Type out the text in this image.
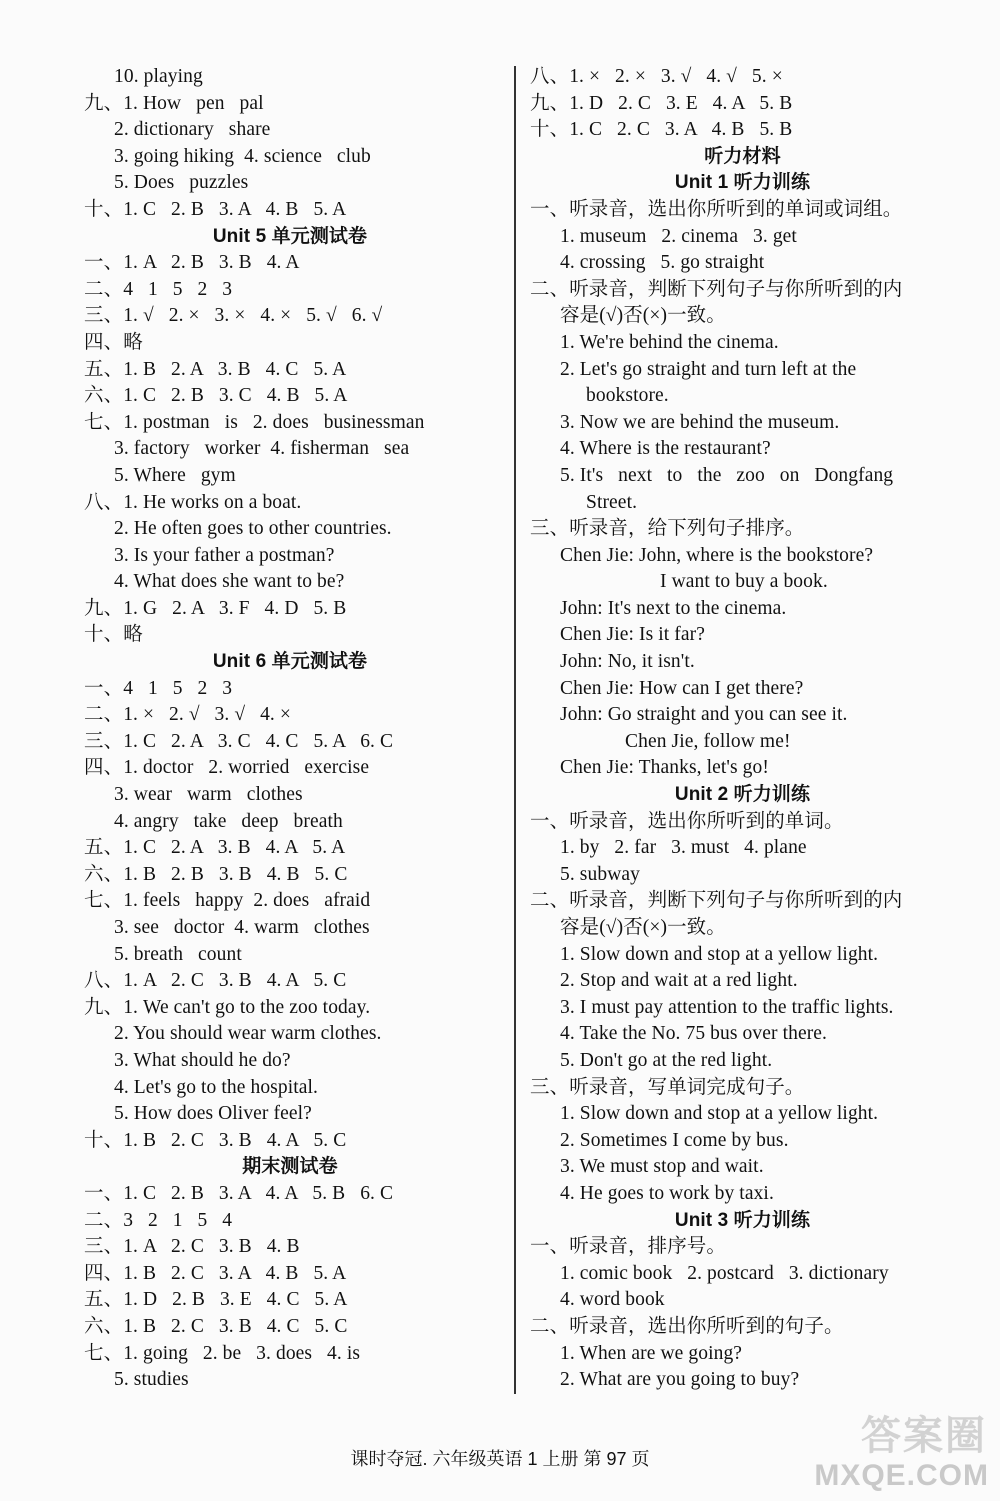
10. playing
九、1. How   pen   pal
2. dictionary   share
3. going hiking  4. science   club
5. Does   puzzles
十、1. C   2. B   3. A   4. B   5. A
Unit 5 单元测试卷
一、1. A   2. B   3. B   4. A
二、4   1   5   2   3
三、1. √   2. ×   3. ×   4. ×   5. √   6. √
四、略
五、1. B   2. A   3. B   4. C   5. A
六、1. C   2. B   3. C   4. B   5. A
七、1. postman   is   2. does   businessman
3. factory   worker  4. fisherman   sea
5. Where   gym
八、1. He works on a boat.
2. He often goes to other countries.
3. Is your father a postman?
4. What does she want to be?
九、1. G   2. A   3. F   4. D   5. B
十、略
Unit 6 单元测试卷
一、4   1   5   2   3
二、1. ×   2. √   3. √   4. ×
三、1. C   2. A   3. C   4. C   5. A   6. C
四、1. doctor   2. worried   exercise
3. wear   warm   clothes
4. angry   take   deep   breath
五、1. C   2. A   3. B   4. A   5. A
六、1. B   2. B   3. B   4. B   5. C
七、1. feels   happy  2. does   afraid
3. see   doctor  4. warm   clothes
5. breath   count
八、1. A   2. C   3. B   4. A   5. C
九、1. We can't go to the zoo today.
2. You should wear warm clothes.
3. What should he do?
4. Let's go to the hospital.
5. How does Oliver feel?
十、1. B   2. C   3. B   4. A   5. C
期末测试卷
一、1. C   2. B   3. A   4. A   5. B   6. C
二、3   2   1   5   4
三、1. A   2. C   3. B   4. B
四、1. B   2. C   3. A   4. B   5. A
五、1. D   2. B   3. E   4. C   5. A
六、1. B   2. C   3. B   4. C   5. C
七、1. going   2. be   3. does   4. is
5. studies
八、1. ×   2. ×   3. √   4. √   5. ×
九、1. D   2. C   3. E   4. A   5. B
十、1. C   2. C   3. A   4. B   5. B
听力材料
Unit 1 听力训练
一、听录音，选出你所听到的单词或词组。
1. museum   2. cinema   3. get
4. crossing   5. go straight
二、听录音，判断下列句子与你所听到的内
容是(√)否(×)一致。
1. We're behind the cinema.
2. Let's go straight and turn left at the
bookstore.
3. Now we are behind the museum.
4. Where is the restaurant?
5. It's   next   to   the   zoo   on   Dongfang
Street.
三、听录音，给下列句子排序。
Chen Jie: John, where is the bookstore?
I want to buy a book.
John: It's next to the cinema.
Chen Jie: Is it far?
John: No, it isn't.
Chen Jie: How can I get there?
John: Go straight and you can see it.
Chen Jie, follow me!
Chen Jie: Thanks, let's go!
Unit 2 听力训练
一、听录音，选出你所听到的单词。
1. by   2. far   3. must   4. plane
5. subway
二、听录音，判断下列句子与你所听到的内
容是(√)否(×)一致。
1. Slow down and stop at a yellow light.
2. Stop and wait at a red light.
3. I must pay attention to the traffic lights.
4. Take the No. 75 bus over there.
5. Don't go at the red light.
三、听录音，写单词完成句子。
1. Slow down and stop at a yellow light.
2. Sometimes I come by bus.
3. We must stop and wait.
4. He goes to work by taxi.
Unit 3 听力训练
一、听录音，排序号。
1. comic book   2. postcard   3. dictionary
4. word book
二、听录音，选出你所听到的句子。
1. When are we going?
2. What are you going to buy?
课时夺冠. 六年级英语 1 上册 第 97 页	答案圈
MXQE.COM
